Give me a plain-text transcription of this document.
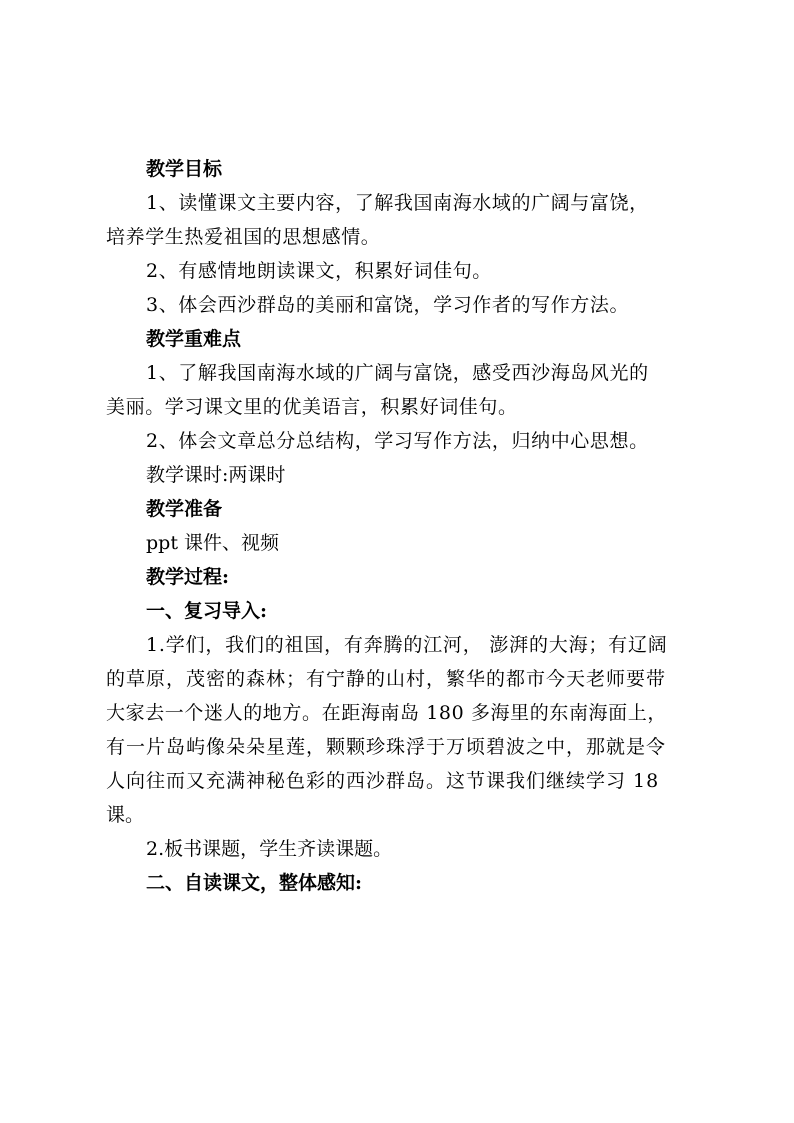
教学目标
1、读懂课文主要内容，了解我国南海水域的广阔与富饶，
培养学生热爱祖国的思想感情。
2、有感情地朗读课文，积累好词佳句。
3、体会西沙群岛的美丽和富饶，学习作者的写作方法。
教学重难点
1、了解我国南海水域的广阔与富饶，感受西沙海岛风光的
美丽。学习课文里的优美语言，积累好词佳句。
2、体会文章总分总结构，学习写作方法，归纳中心思想。
教学课时:两课时
教学准备
ppt 课件、视频
教学过程:
一、复习导入:
1.学们，我们的祖国，有奔腾的江河， 澎湃的大海；有辽阔
的草原，茂密的森林；有宁静的山村，繁华的都市今天老师要带
大家去一个迷人的地方。在距海南岛 180 多海里的东南海面上，
有一片岛屿像朵朵星莲，颗颗珍珠浮于万顷碧波之中，那就是令
人向往而又充满神秘色彩的西沙群岛。这节课我们继续学习 18
课。
2.板书课题，学生齐读课题。
二、自读课文，整体感知:
